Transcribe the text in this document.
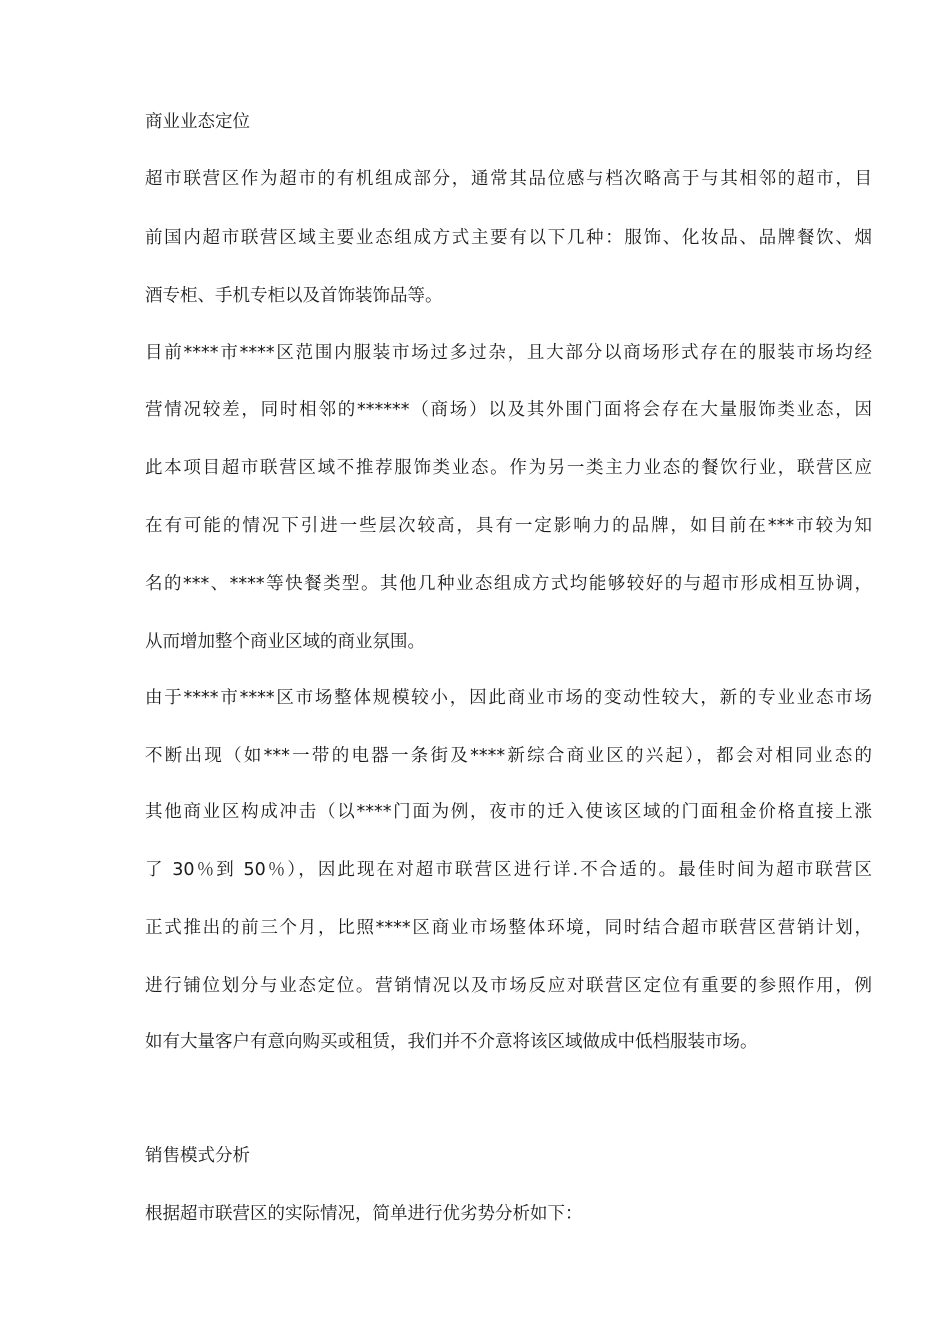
商业业态定位
超市联营区作为超市的有机组成部分，通常其品位感与档次略高于与其相邻的超市，目
前国内超市联营区域主要业态组成方式主要有以下几种：服饰、化妆品、品牌餐饮、烟
酒专柜、手机专柜以及首饰装饰品等。
目前****市****区范围内服装市场过多过杂，且大部分以商场形式存在的服装市场均经
营情况较差，同时相邻的******（商场）以及其外围门面将会存在大量服饰类业态，因
此本项目超市联营区域不推荐服饰类业态。作为另一类主力业态的餐饮行业，联营区应
在有可能的情况下引进一些层次较高，具有一定影响力的品牌，如目前在***市较为知
名的***、****等快餐类型。其他几种业态组成方式均能够较好的与超市形成相互协调，
从而增加整个商业区域的商业氛围。
由于****市****区市场整体规模较小，因此商业市场的变动性较大，新的专业业态市场
不断出现（如***一带的电器一条街及****新综合商业区的兴起），都会对相同业态的
其他商业区构成冲击（以****门面为例，夜市的迁入使该区域的门面租金价格直接上涨
了 30％到 50％），因此现在对超市联营区进行详.不合适的。最佳时间为超市联营区
正式推出的前三个月，比照****区商业市场整体环境，同时结合超市联营区营销计划，
进行铺位划分与业态定位。营销情况以及市场反应对联营区定位有重要的参照作用，例
如有大量客户有意向购买或租赁，我们并不介意将该区域做成中低档服装市场。
销售模式分析
根据超市联营区的实际情况，简单进行优劣势分析如下：
